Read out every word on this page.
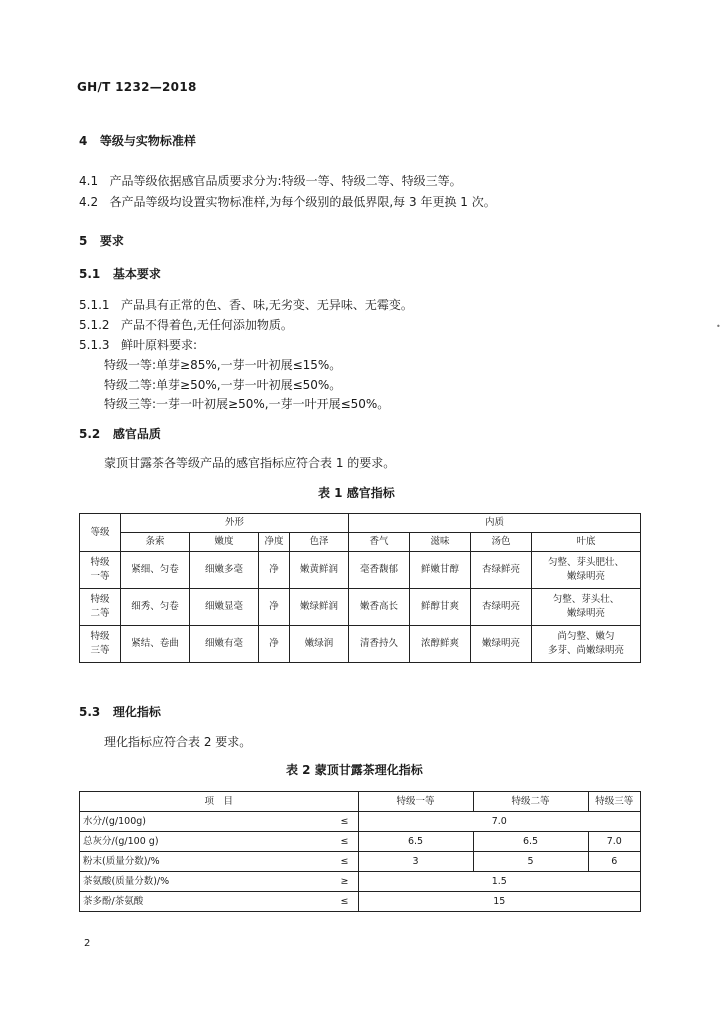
GH/T 1232—2018
4 等级与实物标准样
4.1 产品等级依据感官品质要求分为:特级一等、特级二等、特级三等。
4.2 各产品等级均设置实物标准样,为每个级别的最低界限,每 3 年更换 1 次。
5 要求
5.1 基本要求
5.1.1 产品具有正常的色、香、味,无劣变、无异味、无霉变。
5.1.2 产品不得着色,无任何添加物质。
5.1.3 鲜叶原料要求:
特级一等:单芽≥85%,一芽一叶初展≤15%。
特级二等:单芽≥50%,一芽一叶初展≤50%。
特级三等:一芽一叶初展≥50%,一芽一叶开展≤50%。
5.2 感官品质
蒙顶甘露茶各等级产品的感官指标应符合表 1 的要求。
表 1 感官指标
等级	外形				内质			
	条索	嫩度	净度	色泽	香气	滋味	汤色	叶底
特级
一等	紧细、匀卷	细嫩多毫	净	嫩黄鲜润	毫香馥郁	鲜嫩甘醇	杏绿鲜亮	匀整、芽头肥壮、
嫩绿明亮
特级
二等	细秀、匀卷	细嫩显毫	净	嫩绿鲜润	嫩香高长	鲜醇甘爽	杏绿明亮	匀整、芽头壮、
嫩绿明亮
特级
三等	紧结、卷曲	细嫩有毫	净	嫩绿润	清香持久	浓醇鲜爽	嫩绿明亮	尚匀整、嫩匀
多芽、尚嫩绿明亮
5.3 理化指标
理化指标应符合表 2 要求。
表 2 蒙顶甘露茶理化指标
项　目		特级一等	特级二等	特级三等
水分/(g/100g)	≤	7.0		
总灰分/(g/100 g)	≤	6.5	6.5	7.0
粉末(质量分数)/%	≤	3	5	6
茶氨酸(质量分数)/%	≥	1.5		
茶多酚/茶氨酸	≤	15		
2
•
